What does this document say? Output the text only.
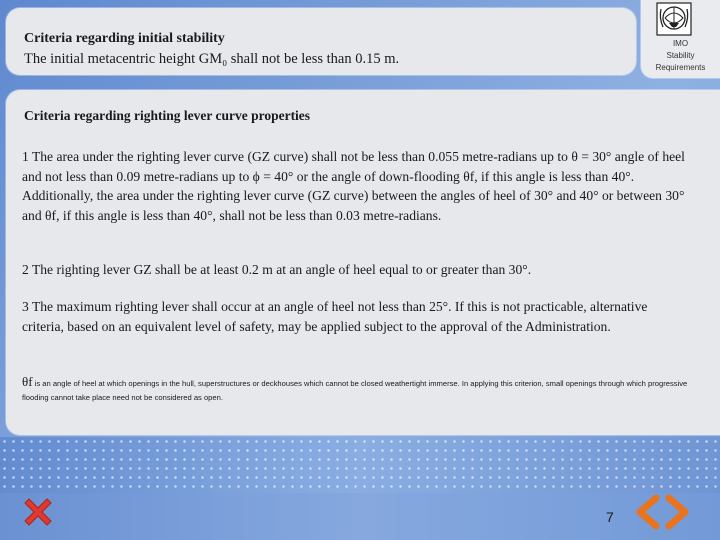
Criteria regarding initial stability
The initial metacentric height GM₀ shall not be less than 0.15 m.
IMO
Stability
Requirements
Criteria regarding righting lever curve properties
1 The area under the righting lever curve (GZ curve) shall not be less than 0.055 metre-radians up to θ = 30° angle of heel and not less than 0.09 metre-radians up to ϕ = 40° or the angle of down-flooding θf, if this angle is less than 40°. Additionally, the area under the righting lever curve (GZ curve) between the angles of heel of 30° and 40° or between 30° and θf, if this angle is less than 40°, shall not be less than 0.03 metre-radians.
2 The righting lever GZ shall be at least 0.2 m at an angle of heel equal to or greater than 30°.
3 The maximum righting lever shall occur at an angle of heel not less than 25°. If this is not practicable, alternative criteria, based on an equivalent level of safety, may be applied subject to the approval of the Administration.
θf is an angle of heel at which openings in the hull, superstructures or deckhouses which cannot be closed weathertight immerse. In applying this criterion, small openings through which progressive flooding cannot take place need not be considered as open.
7
